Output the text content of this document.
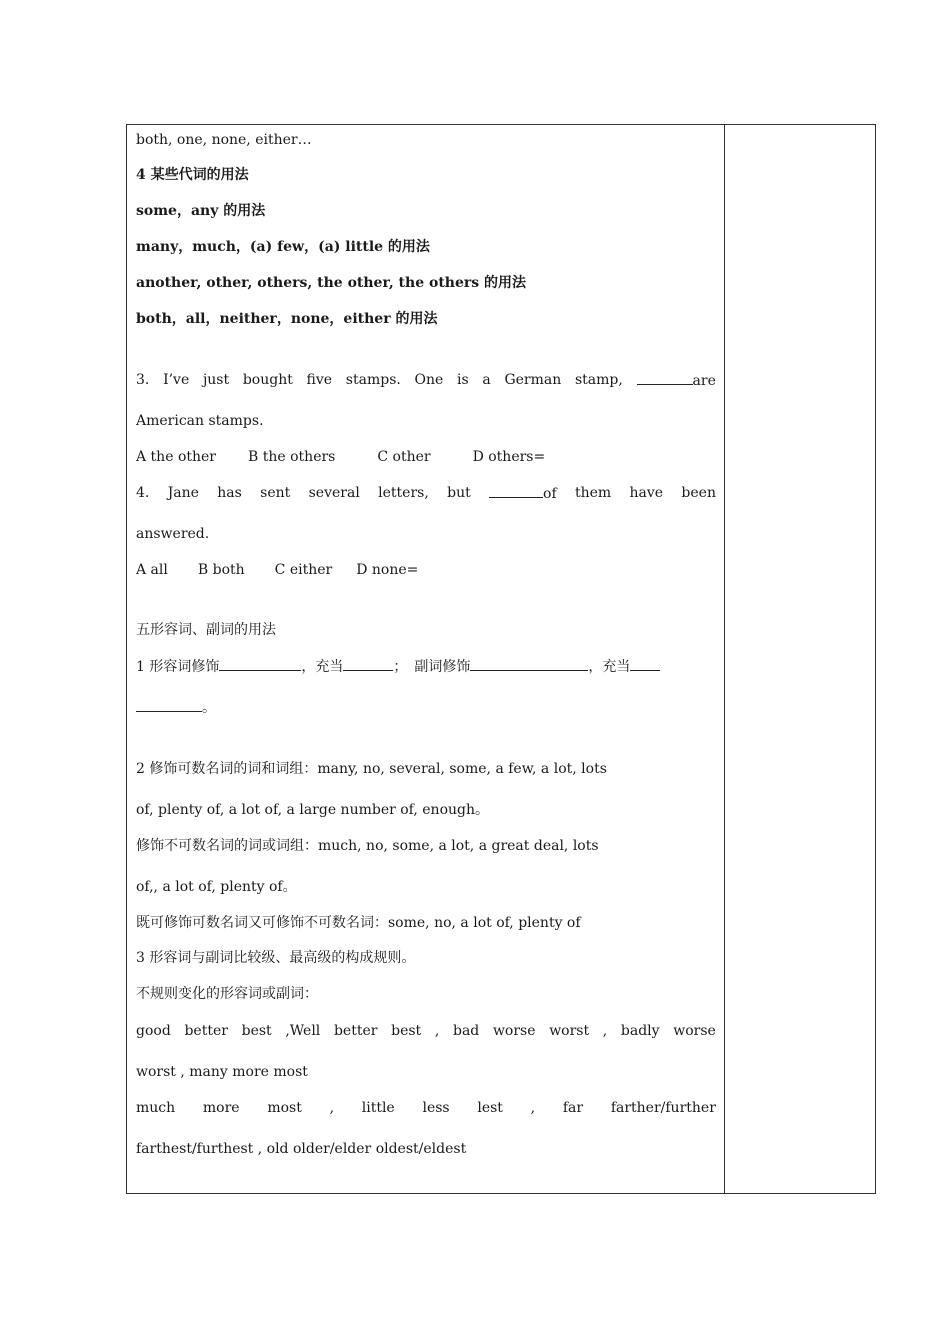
both, one, none, either…
4 某些代词的用法
some，any 的用法
many，much，(a) few，(a) little 的用法
another, other, others, the other, the others 的用法
both，all，neither，none，either 的用法
3. I’ve just bought five stamps. One is a German stamp,	are
American stamps.
A the other B the others	C other	D others=
4. Jane has sent several letters, but	of them have been
answered.
A all B both C either D none=
五形容词、副词的用法
1 形容词修饰	，充当	；　副词修饰	，充当
。
2 修饰可数名词的词和词组：many, no, several, some, a few, a lot, lots
of, plenty of, a lot of, a large number of, enough。
修饰不可数名词的词或词组：much, no, some, a lot, a great deal, lots
of,, a lot of, plenty of。
既可修饰可数名词又可修饰不可数名词：some, no, a lot of, plenty of
3 形容词与副词比较级、最高级的构成规则。
不规则变化的形容词或副词：
good better best ,Well better best , bad worse worst , badly worse
worst , many more most
much more most , little less lest , far farther/further
farthest/furthest , old older/elder oldest/eldest
